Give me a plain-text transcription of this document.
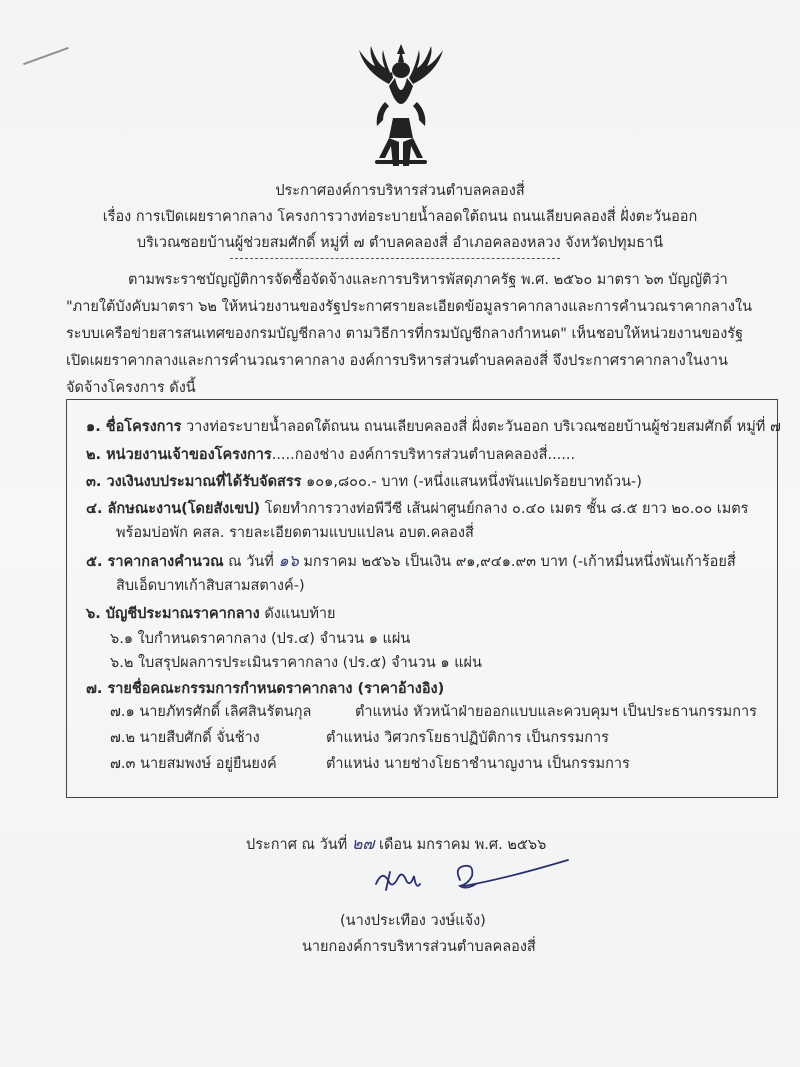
ประกาศองค์การบริหารส่วนตำบลคลองสี่
เรื่อง การเปิดเผยราคากลาง โครงการวางท่อระบายน้ำลอดใต้ถนน ถนนเลียบคลองสี่ ฝั่งตะวันออก
บริเวณซอยบ้านผู้ช่วยสมศักดิ์ หมู่ที่ ๗ ตำบลคลองสี่ อำเภอคลองหลวง จังหวัดปทุมธานี
ตามพระราชบัญญัติการจัดซื้อจัดจ้างและการบริหารพัสดุภาครัฐ พ.ศ. ๒๕๖๐ มาตรา ๖๓ บัญญัติว่า
"ภายใต้บังคับมาตรา ๖๒ ให้หน่วยงานของรัฐประกาศรายละเอียดข้อมูลราคากลางและการคำนวณราคากลางใน
ระบบเครือข่ายสารสนเทศของกรมบัญชีกลาง ตามวิธีการที่กรมบัญชีกลางกำหนด" เห็นชอบให้หน่วยงานของรัฐ
เปิดเผยราคากลางและการคำนวณราคากลาง องค์การบริหารส่วนตำบลคลองสี่ จึงประกาศราคากลางในงาน
จัดจ้างโครงการ ดังนี้
๑. ชื่อโครงการ วางท่อระบายน้ำลอดใต้ถนน ถนนเลียบคลองสี่ ฝั่งตะวันออก บริเวณซอยบ้านผู้ช่วยสมศักดิ์ หมู่ที่ ๗
๒. หน่วยงานเจ้าของโครงการ.....กองช่าง องค์การบริหารส่วนตำบลคลองสี่......
๓. วงเงินงบประมาณที่ได้รับจัดสรร ๑๐๑,๘๐๐.- บาท (-หนึ่งแสนหนึ่งพันแปดร้อยบาทถ้วน-)
๔. ลักษณะงาน(โดยสังเขป) โดยทำการวางท่อพีวีซี เส้นผ่าศูนย์กลาง ๐.๔๐ เมตร ชั้น ๘.๕ ยาว ๒๐.๐๐ เมตร
พร้อมบ่อพัก คสล. รายละเอียดตามแบบแปลน อบต.คลองสี่
๕. ราคากลางคำนวณ ณ วันที่ ๑๖ มกราคม ๒๕๖๖ เป็นเงิน ๙๑,๙๔๑.๙๓ บาท (-เก้าหมื่นหนึ่งพันเก้าร้อยสี่
สิบเอ็ดบาทเก้าสิบสามสตางค์-)
๖. บัญชีประมาณราคากลาง ดังแนบท้าย
๖.๑ ใบกำหนดราคากลาง (ปร.๔) จำนวน ๑ แผ่น
๖.๒ ใบสรุปผลการประเมินราคากลาง (ปร.๕) จำนวน ๑ แผ่น
๗. รายชื่อคณะกรรมการกำหนดราคากลาง (ราคาอ้างอิง)
๗.๑ นายภัทรศักดิ์ เลิศสินรัตนกุล	ตำแหน่ง หัวหน้าฝ่ายออกแบบและควบคุมฯ เป็นประธานกรรมการ
๗.๒ นายสืบศักดิ์ จั่นช้าง	ตำแหน่ง วิศวกรโยธาปฏิบัติการ เป็นกรรมการ
๗.๓ นายสมพงษ์ อยู่ยืนยงค์	ตำแหน่ง นายช่างโยธาชำนาญงาน เป็นกรรมการ
ประกาศ ณ วันที่ ๒๗ เดือน มกราคม พ.ศ. ๒๕๖๖
(นางประเทือง วงษ์แจ้ง)
นายกองค์การบริหารส่วนตำบลคลองสี่
